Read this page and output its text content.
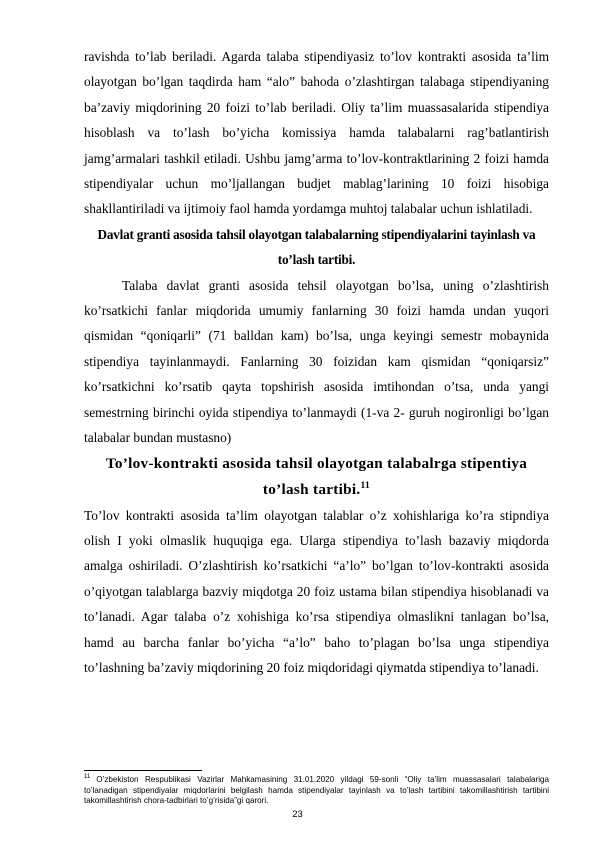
ravishda to’lab beriladi. Agarda talaba stipendiyasiz to’lov kontrakti asosida ta’lim olayotgan bo’lgan taqdirda ham “alo” bahoda o’zlashtirgan talabaga stipendiyaning ba’zaviy miqdorining 20 foizi to’lab beriladi. Oliy ta’lim muassasalarida stipendiya hisoblash va to’lash bo’yicha komissiya hamda talabalarni rag’batlantirish jamg’armalari tashkil etiladi. Ushbu jamg’arma to’lov-kontraktlarining 2 foizi hamda stipendiyalar uchun mo’ljallangan budjet mablag’larining 10 foizi hisobiga shakllantiriladi va ijtimoiy faol hamda yordamga muhtoj talabalar uchun ishlatiladi.

Davlat granti asosida tahsil olayotgan talabalarning stipendiyalarini tayinlash va to’lash tartibi.

Talaba davlat granti asosida tehsil olayotgan bo’lsa, uning o’zlashtirish ko’rsatkichi fanlar miqdorida umumiy fanlarning 30 foizi hamda undan yuqori qismidan “qoniqarli” (71 balldan kam) bo’lsa, unga keyingi semestr mobaynida stipendiya tayinlanmaydi. Fanlarning 30 foizidan kam qismidan “qoniqarsiz” ko’rsatkichni ko’rsatib qayta topshirish asosida imtihondan o’tsa, unda yangi semestrning birinchi oyida stipendiya to’lanmaydi (1-va 2- guruh nogironligi bo’lgan talabalar bundan mustasno)

To’lov-kontrakti asosida tahsil olayotgan talabalrga stipentiya to’lash tartibi.$^{11}$

To’lov kontrakti asosida ta’lim olayotgan talablar o’z xohishlariga ko’ra stipndiya olish I yoki olmaslik huquqiga ega. Ularga stipendiya to’lash bazaviy miqdorda amalga oshiriladi. O’zlashtirish ko’rsatkichi “a’lo” bo’lgan to’lov-kontrakti asosida o’qiyotgan talablarga bazviy miqdotga 20 foiz ustama bilan stipendiya hisoblanadi va to’lanadi. Agar talaba o’z xohishiga ko’rsa stipendiya olmaslikni tanlagan bo’lsa, hamd au barcha fanlar bo’yicha “a’lo” baho to’plagan bo’lsa unga stipendiya to’lashning ba’zaviy miqdorining 20 foiz miqdoridagi qiymatda stipendiya to’lanadi.

$^{11}$ O’zbekiston Respublikasi Vazirlar Mahkamasining 31.01.2020 yildagi 59-sonli “Oliy ta’lim muassasalari talabalariga to’lanadigan stipendiyalar miqdorlarini belgilash hamda stipendiyalar tayinlash va to’lash tartibini takomillashtirish tartibini takomillashtirish chora-tadbirlari to’g’risida”gi qarori.
23
